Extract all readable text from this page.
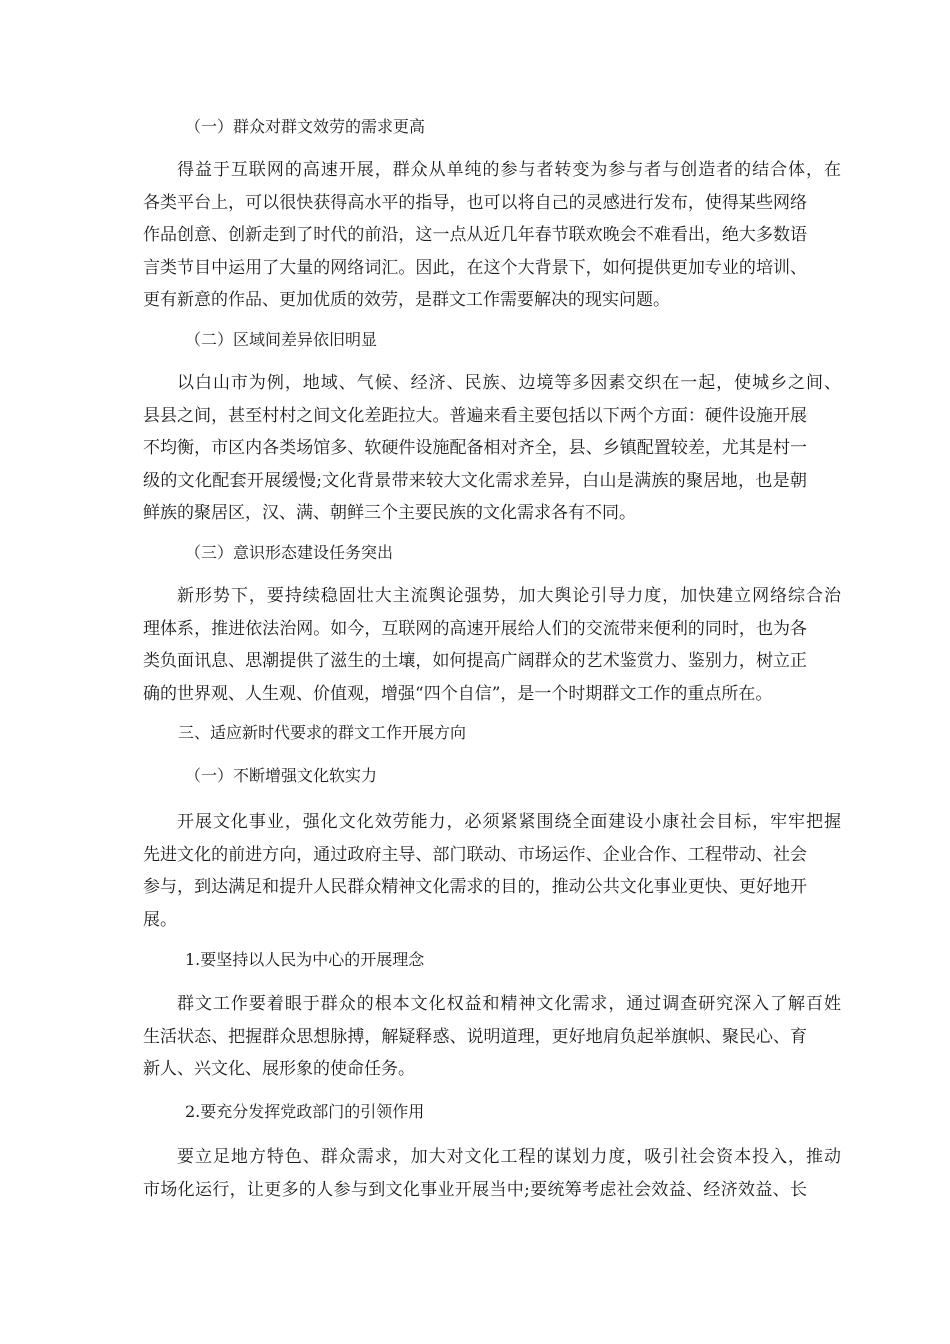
（一）群众对群文效劳的需求更高

得益于互联网的高速开展，群众从单纯的参与者转变为参与者与创造者的结合体，在
各类平台上，可以很快获得高水平的指导，也可以将自己的灵感进行发布，使得某些网络
作品创意、创新走到了时代的前沿，这一点从近几年春节联欢晚会不难看出，绝大多数语
言类节目中运用了大量的网络词汇。因此，在这个大背景下，如何提供更加专业的培训、
更有新意的作品、更加优质的效劳，是群文工作需要解决的现实问题。

（二）区域间差异依旧明显

以白山市为例，地域、气候、经济、民族、边境等多因素交织在一起，使城乡之间、
县县之间，甚至村村之间文化差距拉大。普遍来看主要包括以下两个方面：硬件设施开展
不均衡，市区内各类场馆多、软硬件设施配备相对齐全，县、乡镇配置较差，尤其是村一
级的文化配套开展缓慢;文化背景带来较大文化需求差异，白山是满族的聚居地，也是朝
鲜族的聚居区，汉、满、朝鲜三个主要民族的文化需求各有不同。

（三）意识形态建设任务突出

新形势下，要持续稳固壮大主流舆论强势，加大舆论引导力度，加快建立网络综合治
理体系，推进依法治网。如今，互联网的高速开展给人们的交流带来便利的同时，也为各
类负面讯息、思潮提供了滋生的土壤，如何提高广阔群众的艺术鉴赏力、鉴别力，树立正
确的世界观、人生观、价值观，增强“四个自信”，是一个时期群文工作的重点所在。

三、适应新时代要求的群文工作开展方向

（一）不断增强文化软实力

开展文化事业，强化文化效劳能力，必须紧紧围绕全面建设小康社会目标，牢牢把握
先进文化的前进方向，通过政府主导、部门联动、市场运作、企业合作、工程带动、社会
参与，到达满足和提升人民群众精神文化需求的目的，推动公共文化事业更快、更好地开
展。

1.要坚持以人民为中心的开展理念

群文工作要着眼于群众的根本文化权益和精神文化需求，通过调查研究深入了解百姓
生活状态、把握群众思想脉搏，解疑释惑、说明道理，更好地肩负起举旗帜、聚民心、育
新人、兴文化、展形象的使命任务。

2.要充分发挥党政部门的引领作用

要立足地方特色、群众需求，加大对文化工程的谋划力度，吸引社会资本投入，推动
市场化运行，让更多的人参与到文化事业开展当中;要统筹考虑社会效益、经济效益、长
